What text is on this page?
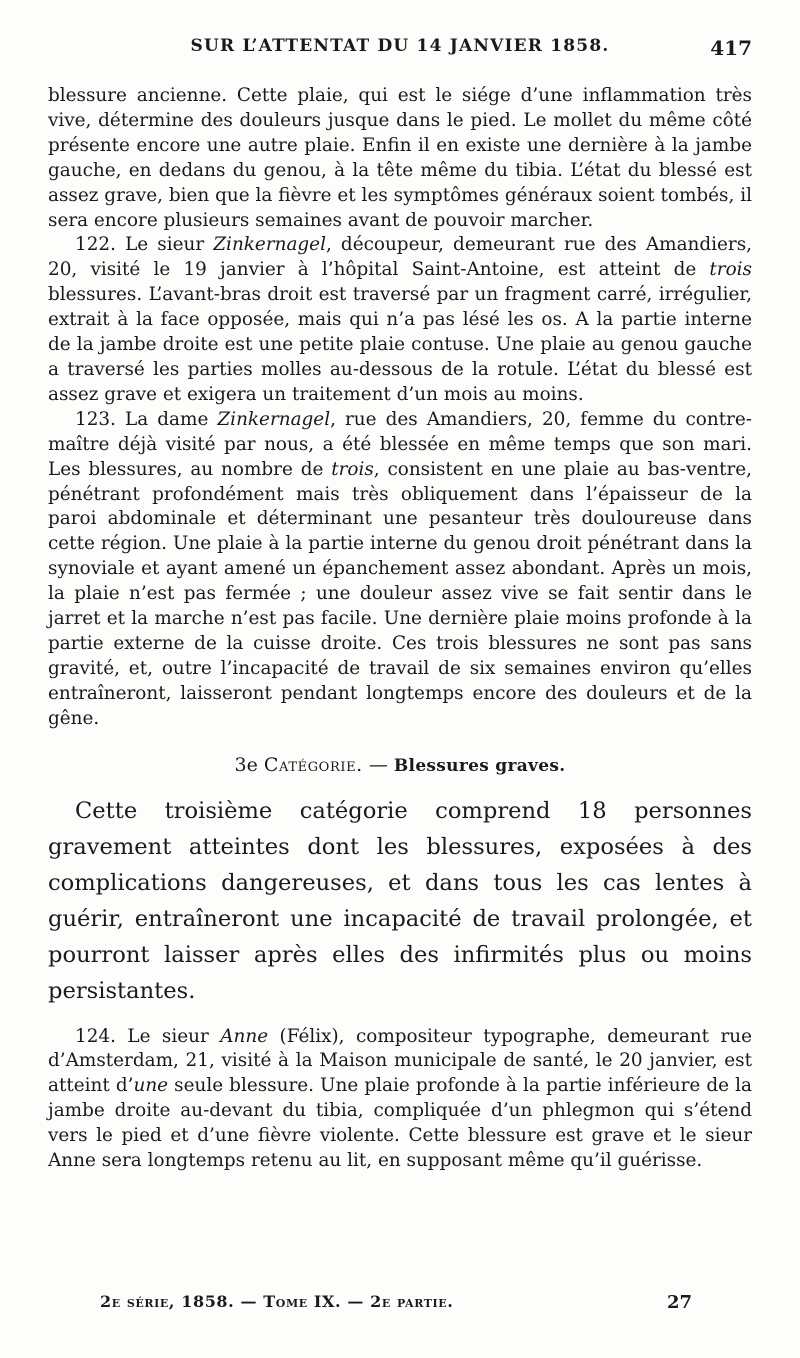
SUR L’ATTENTAT DU 14 JANVIER 1858.	417

blessure ancienne. Cette plaie, qui est le siége d’une inflammation très vive, détermine des douleurs jusque dans le pied. Le mollet du même côté présente encore une autre plaie. Enfin il en existe une dernière à la jambe gauche, en dedans du genou, à la tête même du tibia. L’état du blessé est assez grave, bien que la fièvre et les symptômes généraux soient tombés, il sera encore plusieurs semaines avant de pouvoir marcher.

122. Le sieur Zinkernagel, découpeur, demeurant rue des Amandiers, 20, visité le 19 janvier à l’hôpital Saint-Antoine, est atteint de trois blessures. L’avant-bras droit est traversé par un fragment carré, irrégulier, extrait à la face opposée, mais qui n’a pas lésé les os. A la partie interne de la jambe droite est une petite plaie contuse. Une plaie au genou gauche a traversé les parties molles au-dessous de la rotule. L’état du blessé est assez grave et exigera un traitement d’un mois au moins.

123. La dame Zinkernagel, rue des Amandiers, 20, femme du contre-maître déjà visité par nous, a été blessée en même temps que son mari. Les blessures, au nombre de trois, consistent en une plaie au bas-ventre, pénétrant profondément mais très obliquement dans l’épaisseur de la paroi abdominale et déterminant une pesanteur très douloureuse dans cette région. Une plaie à la partie interne du genou droit pénétrant dans la synoviale et ayant amené un épanchement assez abondant. Après un mois, la plaie n’est pas fermée ; une douleur assez vive se fait sentir dans le jarret et la marche n’est pas facile. Une dernière plaie moins profonde à la partie externe de la cuisse droite. Ces trois blessures ne sont pas sans gravité, et, outre l’incapacité de travail de six semaines environ qu’elles entraîneront, laisseront pendant longtemps encore des douleurs et de la gêne.

3e Catégorie. — Blessures graves.

Cette troisième catégorie comprend 18 personnes gravement atteintes dont les blessures, exposées à des complications dangereuses, et dans tous les cas lentes à guérir, entraîneront une incapacité de travail prolongée, et pourront laisser après elles des infirmités plus ou moins persistantes.

124. Le sieur Anne (Félix), compositeur typographe, demeurant rue d’Amsterdam, 21, visité à la Maison municipale de santé, le 20 janvier, est atteint d’une seule blessure. Une plaie profonde à la partie inférieure de la jambe droite au-devant du tibia, compliquée d’un phlegmon qui s’étend vers le pied et d’une fièvre violente. Cette blessure est grave et le sieur Anne sera longtemps retenu au lit, en supposant même qu’il guérisse.

2e série, 1858. — Tome IX. — 2e partie.	27
